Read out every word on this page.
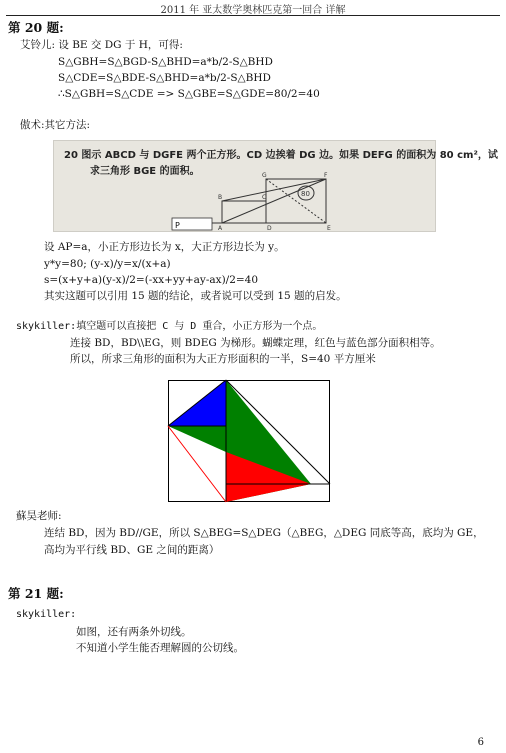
2011 年 亚太数学奥林匹克第一回合 详解
第 20 题:
艾铃儿: 设 BE 交 DG 于 H，可得:
S△GBH=S△BGD-S△BHD=a*b/2-S△BHD
S△CDE=S△BDE-S△BHD=a*b/2-S△BHD
∴S△GBH=S△CDE => S△GBE=S△GDE=80/2=40
傲术:其它方法:
20 图示 ABCD 与 DGFE 两个正方形。CD 边挨着 DG 边。如果 DEFG 的面积为 80 cm²，试
求三角形 BGE 的面积。
P
G	F
E
B	C
D
A
80
设 AP=a，小正方形边长为 x，大正方形边长为 y。
y*y=80; (y-x)/y=x/(x+a)
s=(x+y+a)(y-x)/2=(-xx+yy+ay-ax)/2=40
其实这题可以引用 15 题的结论，或者说可以受到 15 题的启发。
skykiller:填空题可以直接把 C 与 D 重合，小正方形为一个点。
连接 BD，BD\\EG，则 BDEG 为梯形。蝴蝶定理，红色与蓝色部分面积相等。
所以，所求三角形的面积为大正方形面积的一半，S=40 平方厘米
蘇昊老师:
连结 BD，因为 BD//GE，所以 S△BEG=S△DEG（△BEG，△DEG 同底等高，底均为 GE，
高均为平行线 BD、GE 之间的距离）
第 21 题:
skykiller:
如图，还有两条外切线。
不知道小学生能否理解圆的公切线。
6
